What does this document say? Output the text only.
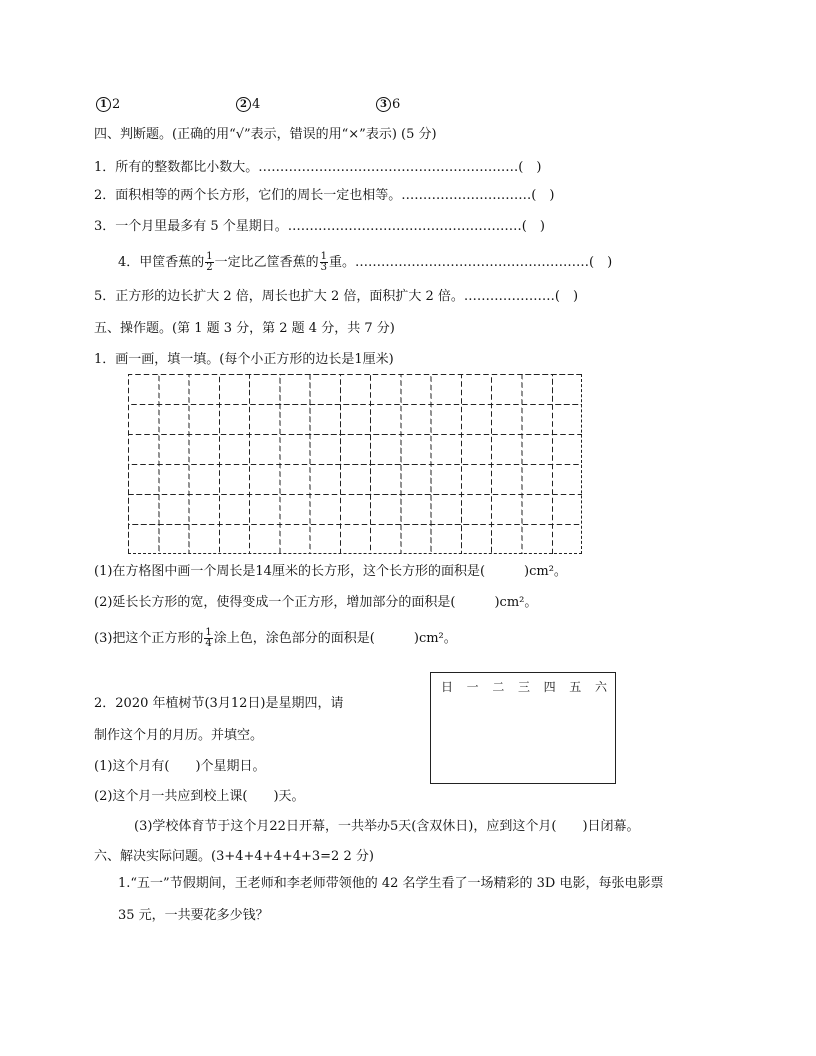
1 2	2 4	3 6
四、判断题。(正确的用“√”表示，错误的用“×”表示) (5 分)
1．所有的整数都比小数大。……………………………………………………(　)
2．面积相等的两个长方形，它们的周长一定也相等。…………………………(　)
3．一个月里最多有 5 个星期日。………………………………………………(　)
4．甲筐香蕉的 $\frac{1}{2}$ 一定比乙筐香蕉的 $\frac{1}{3}$ 重。………………………………………………(　)
5．正方形的边长扩大 2 倍，周长也扩大 2 倍，面积扩大 2 倍。…………………(　)
五、操作题。(第 1 题 3 分，第 2 题 4 分，共 7 分)
1．画一画，填一填。(每个小正方形的边长是1厘米)
(1)在方格图中画一个周长是14厘米的长方形，这个长方形的面积是(　　　)cm²。
(2)延长长方形的宽，使得变成一个正方形，增加部分的面积是(　　　)cm²。
(3)把这个正方形的 $\frac{1}{4}$ 涂上色，涂色部分的面积是(　　　)cm²。
2．2020 年植树节(3月12日)是星期四，请
制作这个月的月历。并填空。
(1)这个月有(　　)个星期日。
(2)这个月一共应到校上课(　　)天。
日 一 二 三 四 五 六
(3)学校体育节于这个月22日开幕，一共举办5天(含双休日)，应到这个月(　　)日闭幕。
六、解决实际问题。(3+4+4+4+4+3=2 2 分)
1.“五一”节假期间，王老师和李老师带领他的 42 名学生看了一场精彩的 3D 电影，每张电影票
35 元，一共要花多少钱？
